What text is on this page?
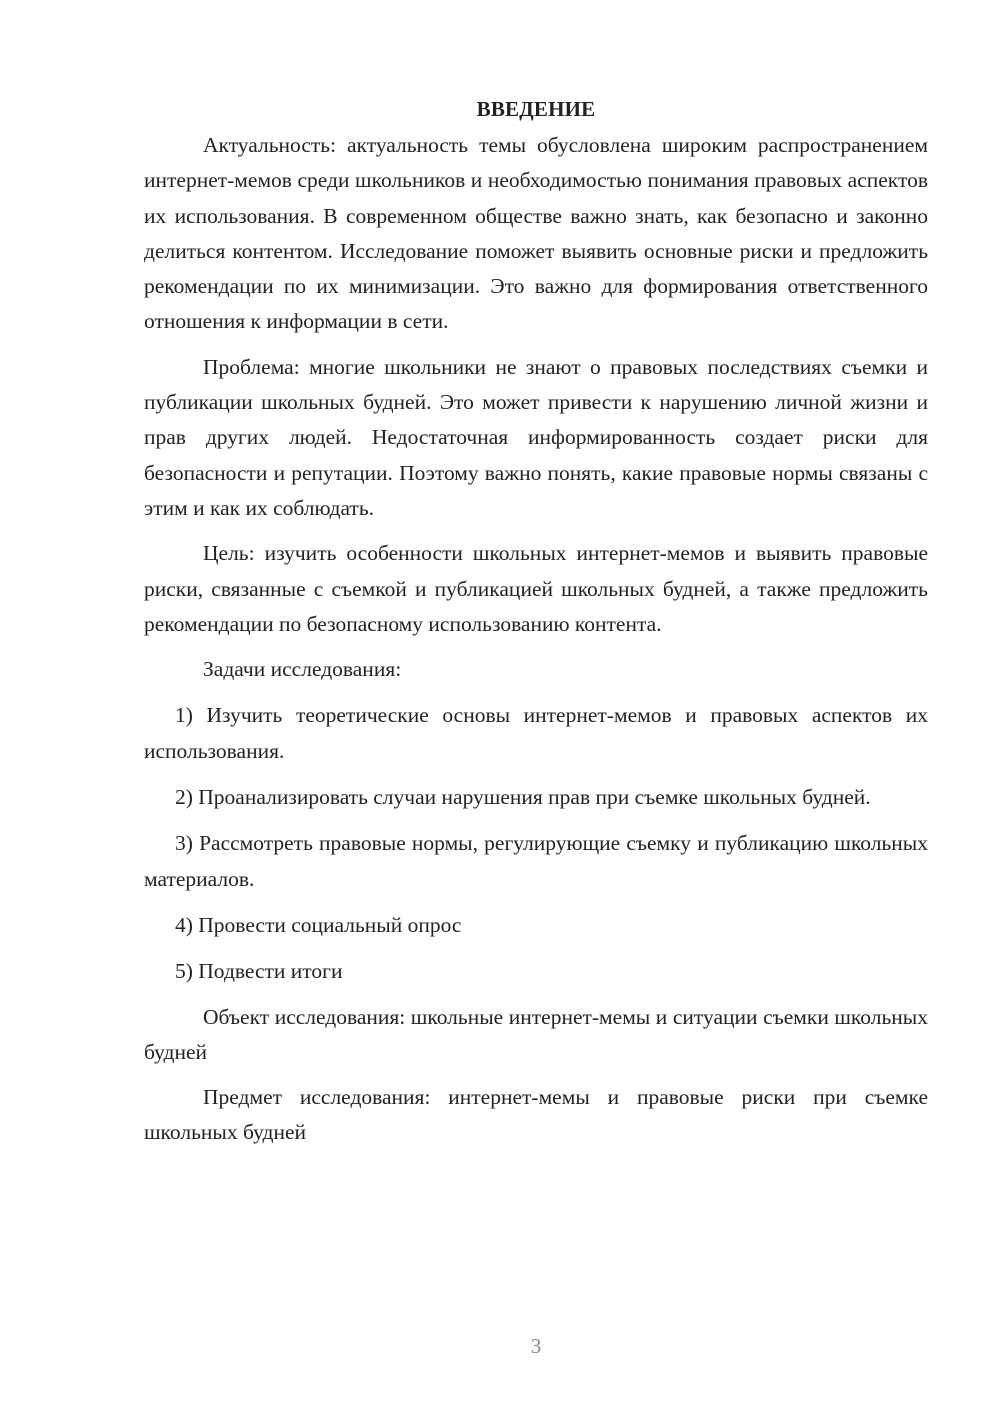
ВВЕДЕНИЕ

Актуальность: актуальность темы обусловлена широким распространением интернет-мемов среди школьников и необходимостью понимания правовых аспектов их использования. В современном обществе важно знать, как безопасно и законно делиться контентом. Исследование поможет выявить основные риски и предложить рекомендации по их минимизации. Это важно для формирования ответственного отношения к информации в сети.

Проблема: многие школьники не знают о правовых последствиях съемки и публикации школьных будней. Это может привести к нарушению личной жизни и прав других людей. Недостаточная информированность создает риски для безопасности и репутации. Поэтому важно понять, какие правовые нормы связаны с этим и как их соблюдать.

Цель: изучить особенности школьных интернет-мемов и выявить правовые риски, связанные с съемкой и публикацией школьных будней, а также предложить рекомендации по безопасному использованию контента.

Задачи исследования:

1) Изучить теоретические основы интернет-мемов и правовых аспектов их использования.

2) Проанализировать случаи нарушения прав при съемке школьных будней.

3) Рассмотреть правовые нормы, регулирующие съемку и публикацию школьных материалов.

4) Провести социальный опрос

5) Подвести итоги

Объект исследования: школьные интернет-мемы и ситуации съемки школьных будней

Предмет исследования: интернет-мемы и правовые риски при съемке школьных будней

3
